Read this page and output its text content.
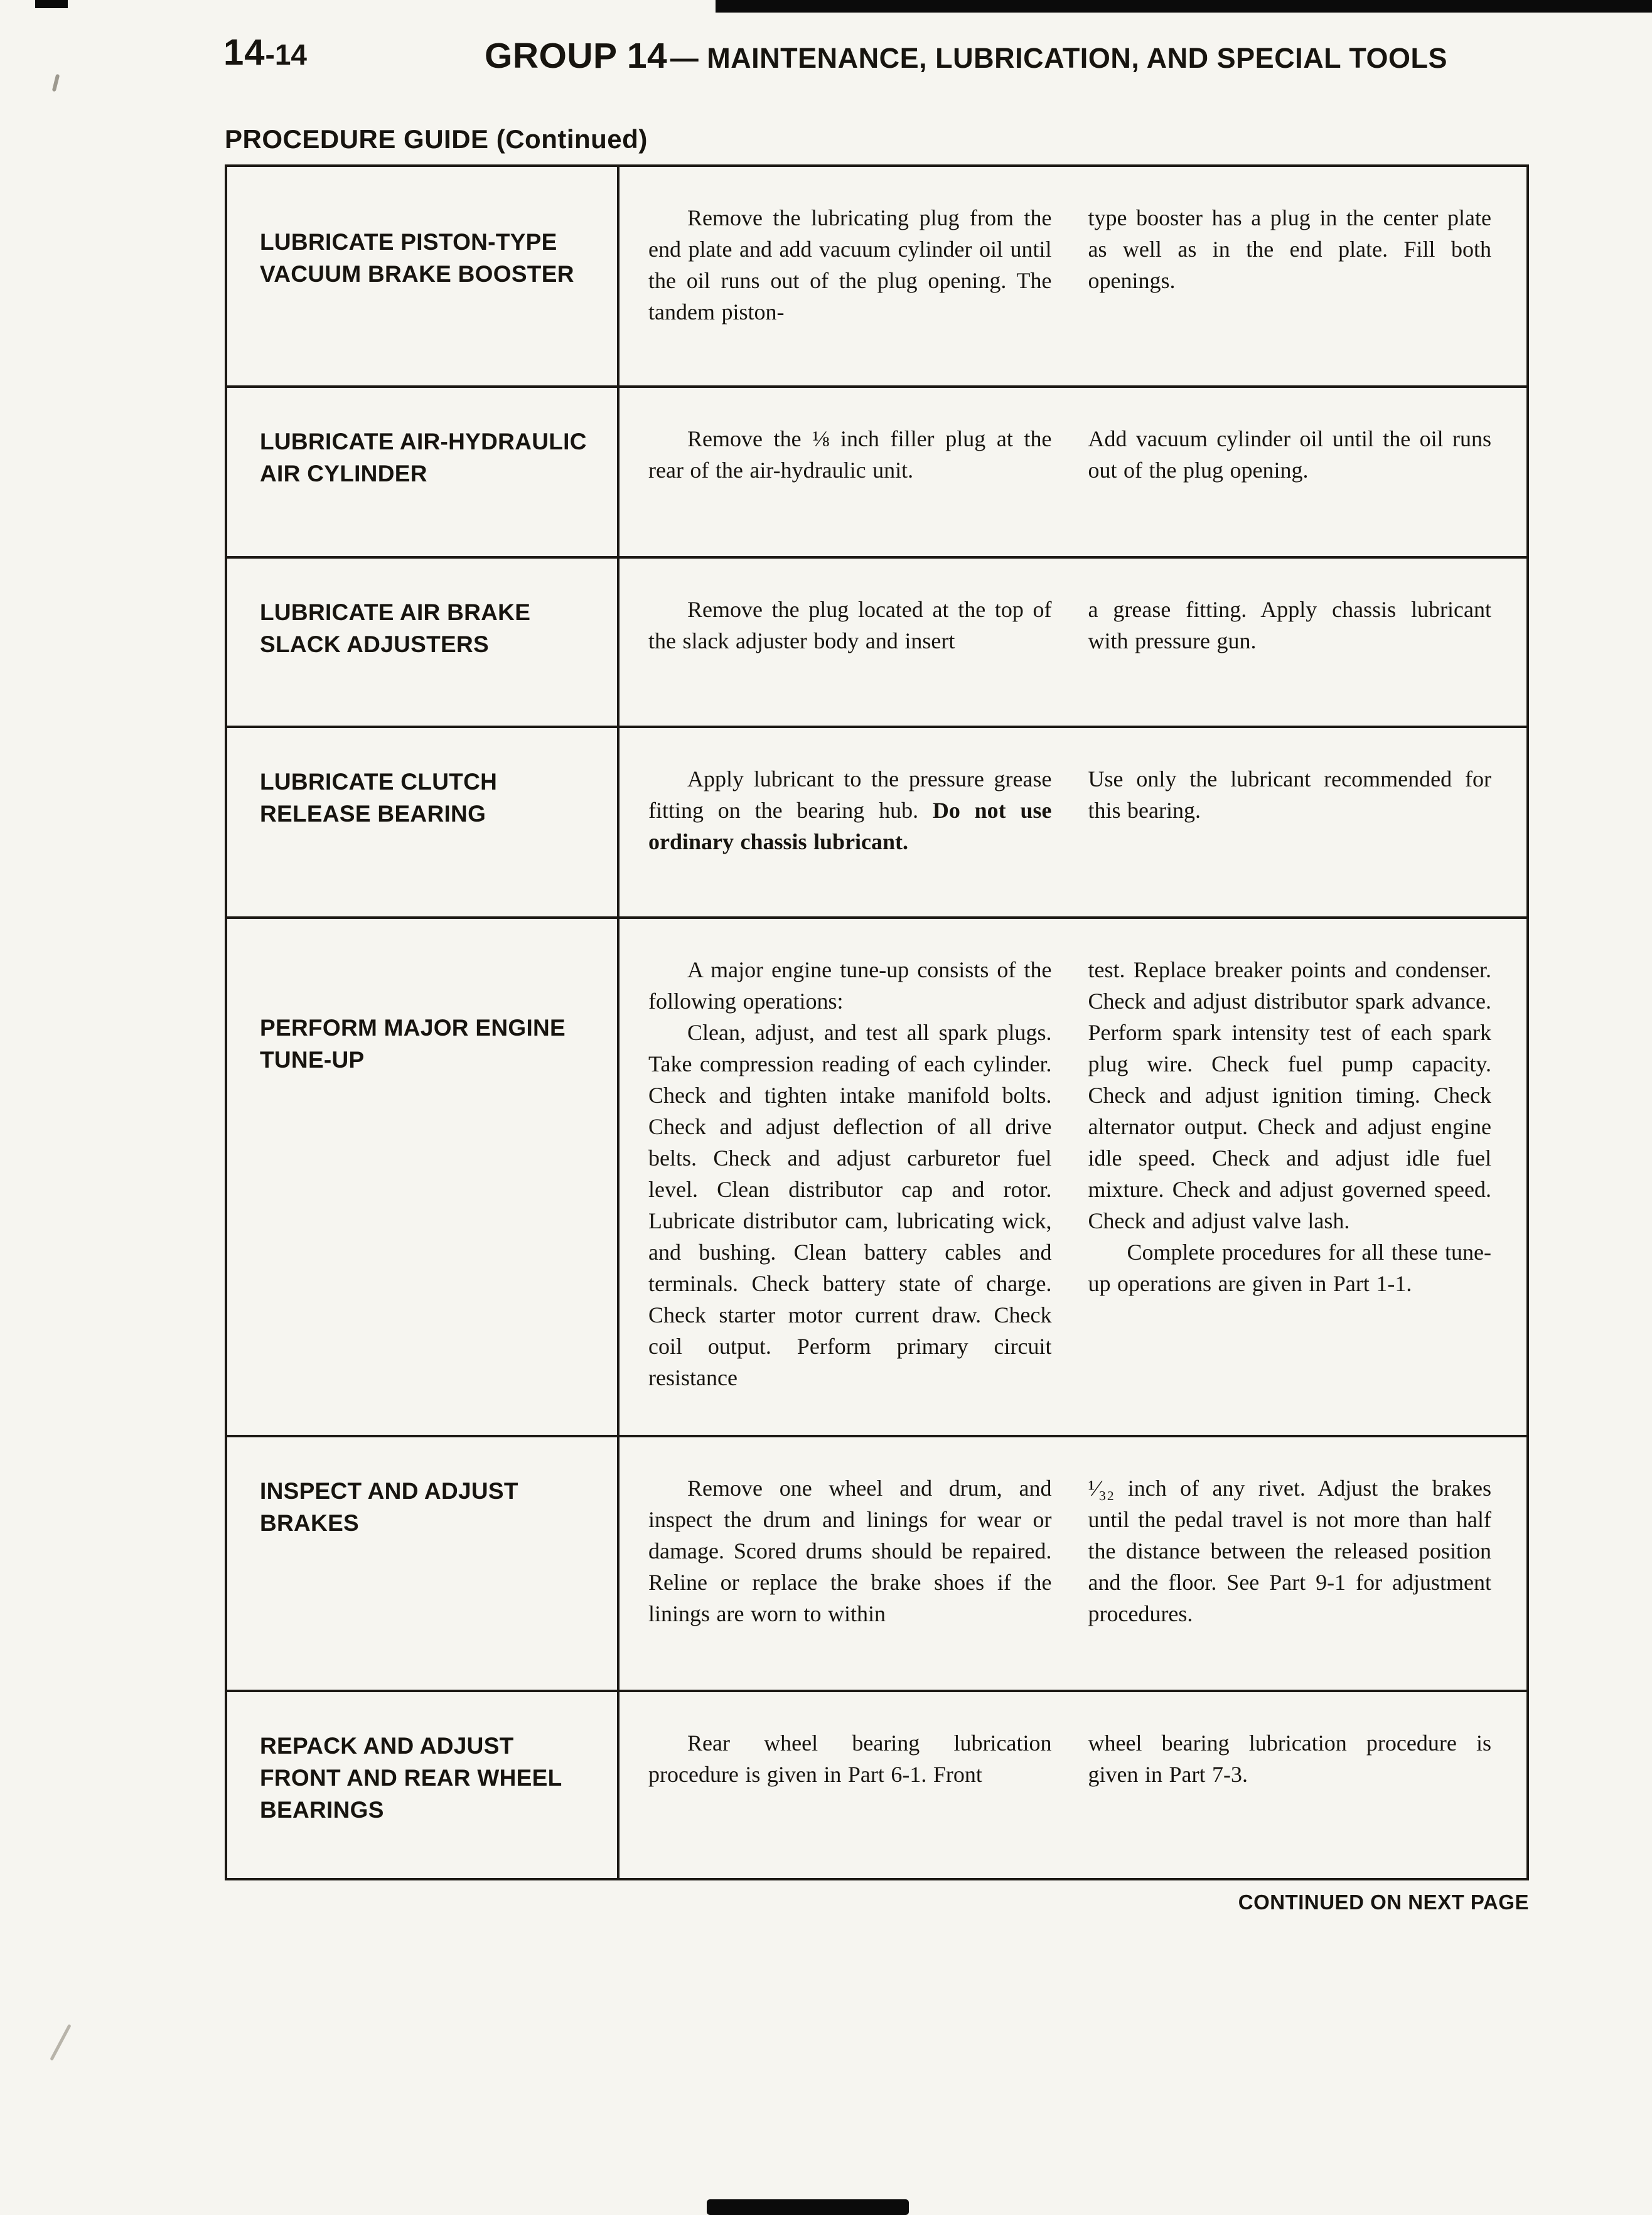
14-14	GROUP 14 — MAINTENANCE, LUBRICATION, AND SPECIAL TOOLS
PROCEDURE GUIDE (Continued)
LUBRICATE PISTON-TYPE VACUUM BRAKE BOOSTER

Remove the lubricating plug from the end plate and add vacuum cylinder oil until the oil runs out of the plug opening. The tandem piston-

type booster has a plug in the center plate as well as in the end plate. Fill both openings.

LUBRICATE AIR-HYDRAULIC AIR CYLINDER

Remove the ⅛ inch filler plug at the rear of the air-hydraulic unit.

Add vacuum cylinder oil until the oil runs out of the plug opening.

LUBRICATE AIR BRAKE SLACK ADJUSTERS

Remove the plug located at the top of the slack adjuster body and insert

a grease fitting. Apply chassis lubricant with pressure gun.

LUBRICATE CLUTCH RELEASE BEARING

Apply lubricant to the pressure grease fitting on the bearing hub. Do not use ordinary chassis lubricant.

Use only the lubricant recommended for this bearing.

PERFORM MAJOR ENGINE TUNE-UP

A major engine tune-up consists of the following operations:

Clean, adjust, and test all spark plugs. Take compression reading of each cylinder. Check and tighten intake manifold bolts. Check and adjust deflection of all drive belts. Check and adjust carburetor fuel level. Clean distributor cap and rotor. Lubricate distributor cam, lubricating wick, and bushing. Clean battery cables and terminals. Check battery state of charge. Check starter motor current draw. Check coil output. Perform primary circuit resistance

test. Replace breaker points and condenser. Check and adjust distributor spark advance. Perform spark intensity test of each spark plug wire. Check fuel pump capacity. Check and adjust ignition timing. Check alternator output. Check and adjust engine idle speed. Check and adjust idle fuel mixture. Check and adjust governed speed. Check and adjust valve lash.

Complete procedures for all these tune-up operations are given in Part 1-1.

INSPECT AND ADJUST BRAKES

Remove one wheel and drum, and inspect the drum and linings for wear or damage. Scored drums should be repaired. Reline or replace the brake shoes if the linings are worn to within

¹⁄₃₂ inch of any rivet. Adjust the brakes until the pedal travel is not more than half the distance between the released position and the floor. See Part 9-1 for adjustment procedures.

REPACK AND ADJUST FRONT AND REAR WHEEL BEARINGS

Rear wheel bearing lubrication procedure is given in Part 6-1. Front

wheel bearing lubrication procedure is given in Part 7-3.

CONTINUED ON NEXT PAGE
